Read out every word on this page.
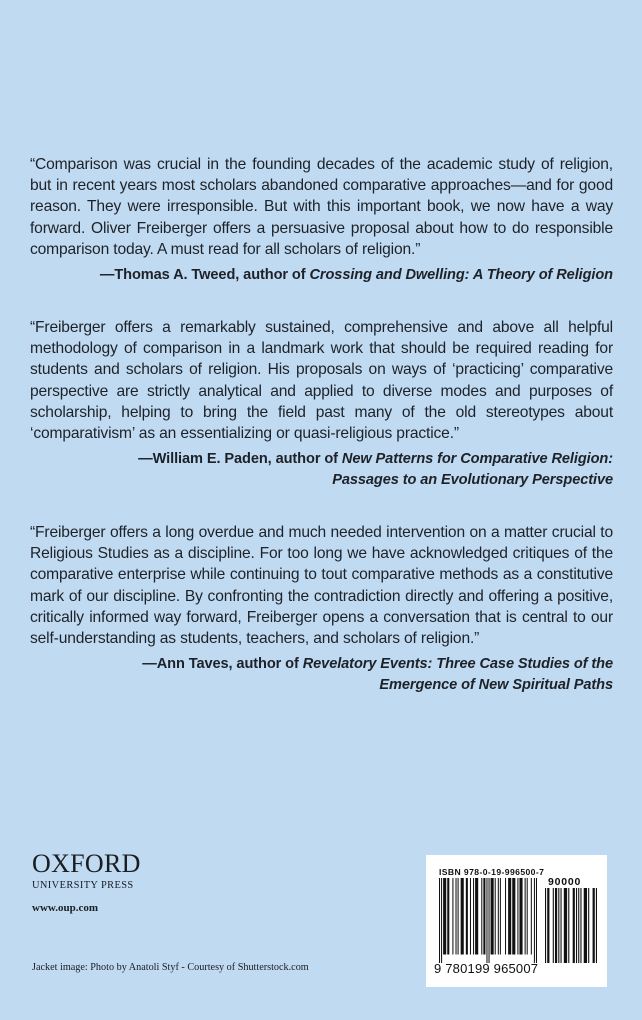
“Comparison was crucial in the founding decades of the academic study of religion, but in recent years most scholars abandoned comparative approaches—and for good reason. They were irresponsible. But with this important book, we now have a way forward. Oliver Freiberger offers a persuasive proposal about how to do responsible comparison today. A must read for all scholars of religion.”

—Thomas A. Tweed, author of Crossing and Dwelling: A Theory of Religion

“Freiberger offers a remarkably sustained, comprehensive and above all helpful methodology of comparison in a landmark work that should be required reading for students and scholars of religion. His proposals on ways of ‘practicing’ comparative perspective are strictly analytical and applied to diverse modes and purposes of scholarship, helping to bring the field past many of the old stereotypes about ‘comparativism’ as an essentializing or quasi-religious practice.”

—William E. Paden, author of New Patterns for Comparative Religion:
Passages to an Evolutionary Perspective

“Freiberger offers a long overdue and much needed intervention on a matter crucial to Religious Studies as a discipline. For too long we have acknowledged critiques of the comparative enterprise while continuing to tout comparative methods as a constitutive mark of our discipline. By confronting the contradiction directly and offering a positive, critically informed way forward, Freiberger opens a conversation that is central to our self-understanding as students, teachers, and scholars of religion.”

—Ann Taves, author of Revelatory Events: Three Case Studies of the
Emergence of New Spiritual Paths

OXFORD
UNIVERSITY PRESS
www.oup.com
Jacket image: Photo by Anatoli Styf - Courtesy of Shutterstock.com
ISBN 978-0-19-996500-7
90000
9 780199 965007
